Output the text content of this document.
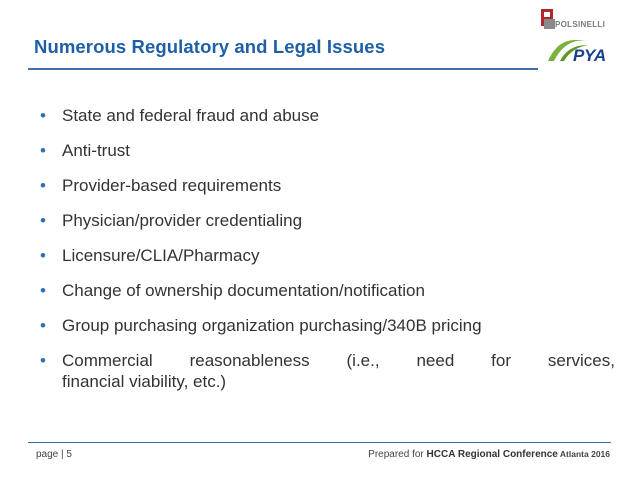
Numerous Regulatory and Legal Issues
POLSINELLI
PYA
• State and federal fraud and abuse
• Anti-trust
• Provider-based requirements
• Physician/provider credentialing
• Licensure/CLIA/Pharmacy
• Change of ownership documentation/notification
• Group purchasing organization purchasing/340B pricing
• Commercial reasonableness (i.e., need for services,
financial viability, etc.)
page | 5	Prepared for HCCA Regional Conference Atlanta 2016
